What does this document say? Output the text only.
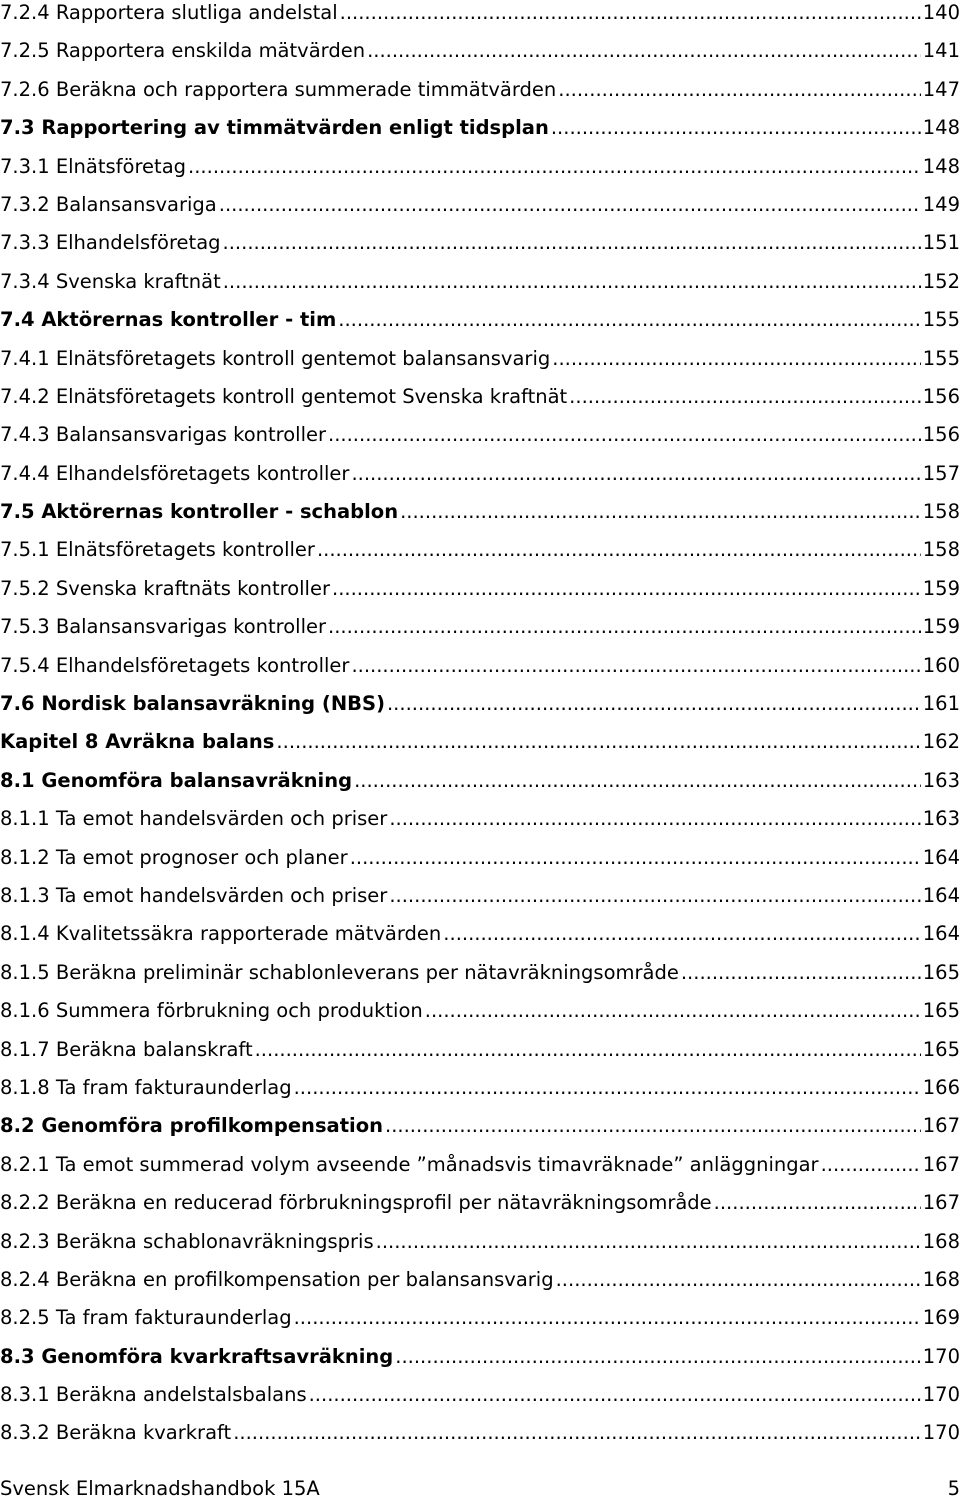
7.2.4 Rapportera slutliga andelstal .....	140
7.2.5 Rapportera enskilda mätvärden .....	141
7.2.6 Beräkna och rapportera summerade timmätvärden .....	147
7.3 Rapportering av timmätvärden enligt tidsplan .....	148
7.3.1 Elnätsföretag .....	148
7.3.2 Balansansvariga .....	149
7.3.3 Elhandelsföretag .....	151
7.3.4 Svenska kraftnät .....	152
7.4 Aktörernas kontroller - tim .....	155
7.4.1 Elnätsföretagets kontroll gentemot balansansvarig .....	155
7.4.2 Elnätsföretagets kontroll gentemot Svenska kraftnät .....	156
7.4.3 Balansansvarigas kontroller .....	156
7.4.4 Elhandelsföretagets kontroller .....	157
7.5 Aktörernas kontroller - schablon .....	158
7.5.1 Elnätsföretagets kontroller .....	158
7.5.2 Svenska kraftnäts kontroller .....	159
7.5.3 Balansansvarigas kontroller .....	159
7.5.4 Elhandelsföretagets kontroller .....	160
7.6 Nordisk balansavräkning (NBS) .....	161
Kapitel 8 Avräkna balans .....	162
8.1 Genomföra balansavräkning .....	163
8.1.1 Ta emot handelsvärden och priser .....	163
8.1.2 Ta emot prognoser och planer .....	164
8.1.3 Ta emot handelsvärden och priser .....	164
8.1.4 Kvalitetssäkra rapporterade mätvärden .....	164
8.1.5 Beräkna preliminär schablonleverans per nätavräkningsområde .....	165
8.1.6 Summera förbrukning och produktion .....	165
8.1.7 Beräkna balanskraft .....	165
8.1.8 Ta fram fakturaunderlag .....	166
8.2 Genomföra profilkompensation .....	167
8.2.1 Ta emot summerad volym avseende ”månadsvis timavräknade” anläggningar .....	167
8.2.2 Beräkna en reducerad förbrukningsprofil per nätavräkningsområde .....	167
8.2.3 Beräkna schablonavräkningspris .....	168
8.2.4 Beräkna en profilkompensation per balansansvarig .....	168
8.2.5 Ta fram fakturaunderlag .....	169
8.3 Genomföra kvarkraftsavräkning .....	170
8.3.1 Beräkna andelstalsbalans .....	170
8.3.2 Beräkna kvarkraft .....	170
Svensk Elmarknadshandbok 15A	5
